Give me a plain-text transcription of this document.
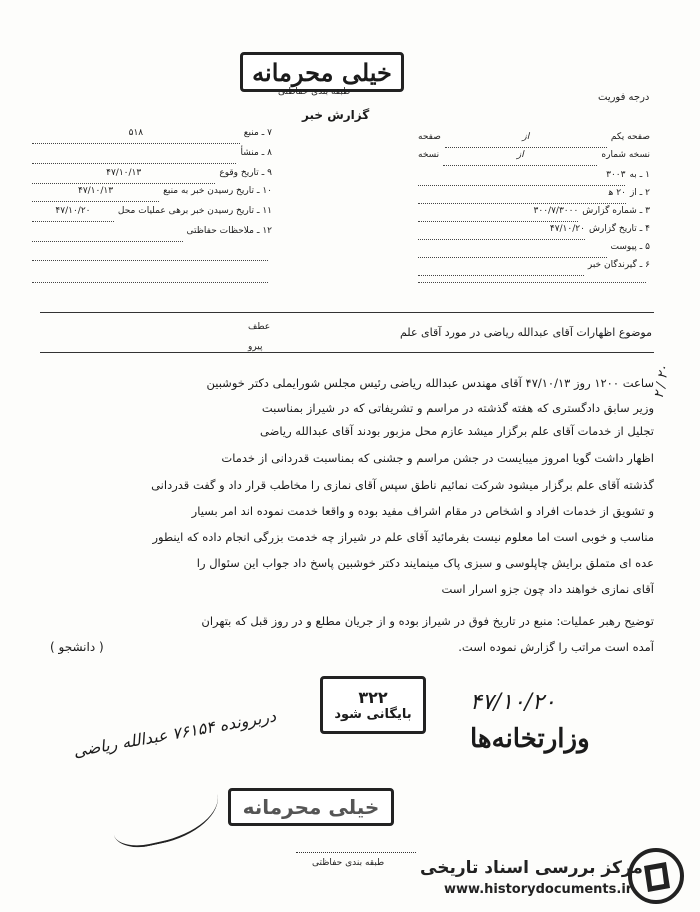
خیلی محرمانه
طبقه بندی حفاظتی	درجه فوریت
گزارش خبر
۷ ـ منبع
۵۱۸
۸ ـ منشأ
۹ ـ تاریخ وقوع
۴۷/۱۰/۱۳
۱۰ ـ تاریخ رسیدن خبر به منبع
۴۷/۱۰/۱۳
۱۱ ـ تاریخ رسیدن خبر برهی عملیات محل
۴۷/۱۰/۲۰
۱۲ ـ ملاحظات حفاظتی
صفحه یکم
از
صفحه
نسخه شماره
از
نسخه
۱ ـ به
۳۰۰۳
۲ ـ از
۲۰ ه‍
۳ ـ شماره گزارش
۳۰۰/۷/۳۰۰۰
۴ ـ تاریخ گزارش
۴۷/۱۰/۲۰
۵ ـ پیوست
۶ ـ گیرندگان خبر
عطف
پیرو
موضوع اظهارات آقای عبدالله ریاضی در مورد آقای علم
ساعت ۱۲۰۰ روز ۴۷/۱۰/۱۳ آقای مهندس عبدالله ریاضی رئیس مجلس شورایملی دکتر خوشبین
وزیر سابق دادگستری که هفته گذشته در مراسم و تشریفاتی که در شیراز بمناسبت
تجلیل از خدمات آقای علم برگزار میشد عازم محل مزبور بودند آقای عبدالله ریاضی
اظهار داشت گویا امروز میبایست در جشن مراسم و جشنی که بمناسبت قدردانی از خدمات
گذشته آقای علم برگزار میشود شرکت نمائیم ناطق سپس آقای نمازی را مخاطب قرار داد و گفت قدردانی
و تشویق از خدمات افراد و اشخاص در مقام اشراف مفید بوده و واقعا خدمت نموده اند امر بسیار
مناسب و خوبی است اما معلوم نیست بفرمائید آقای علم در شیراز چه خدمت بزرگی انجام داده که اینطور
عده ای متملق برایش چاپلوسی و سبزی پاک مینمایند دکتر خوشبین پاسخ داد جواب این سئوال را
آقای نمازی خواهند داد چون جزو اسرار است
توضیح رهبر عملیات: منبع در تاریخ فوق در شیراز بوده و از جریان مطلع و در روز قبل که بتهران
آمده است مراتب را گزارش نموده است.
( دانشجو )
۲ / ۲۰
۳۲۲
بایگانی شود	۴۷/۱۰/۲۰
وزارتخانه‌ها
دربرونده ۷۶۱۵۴ عبدالله ریاضی
خیلی محرمانه
طبقه بندی حفاظتی مرکز بررسی اسناد تاریخی
www.historydocuments.ir
